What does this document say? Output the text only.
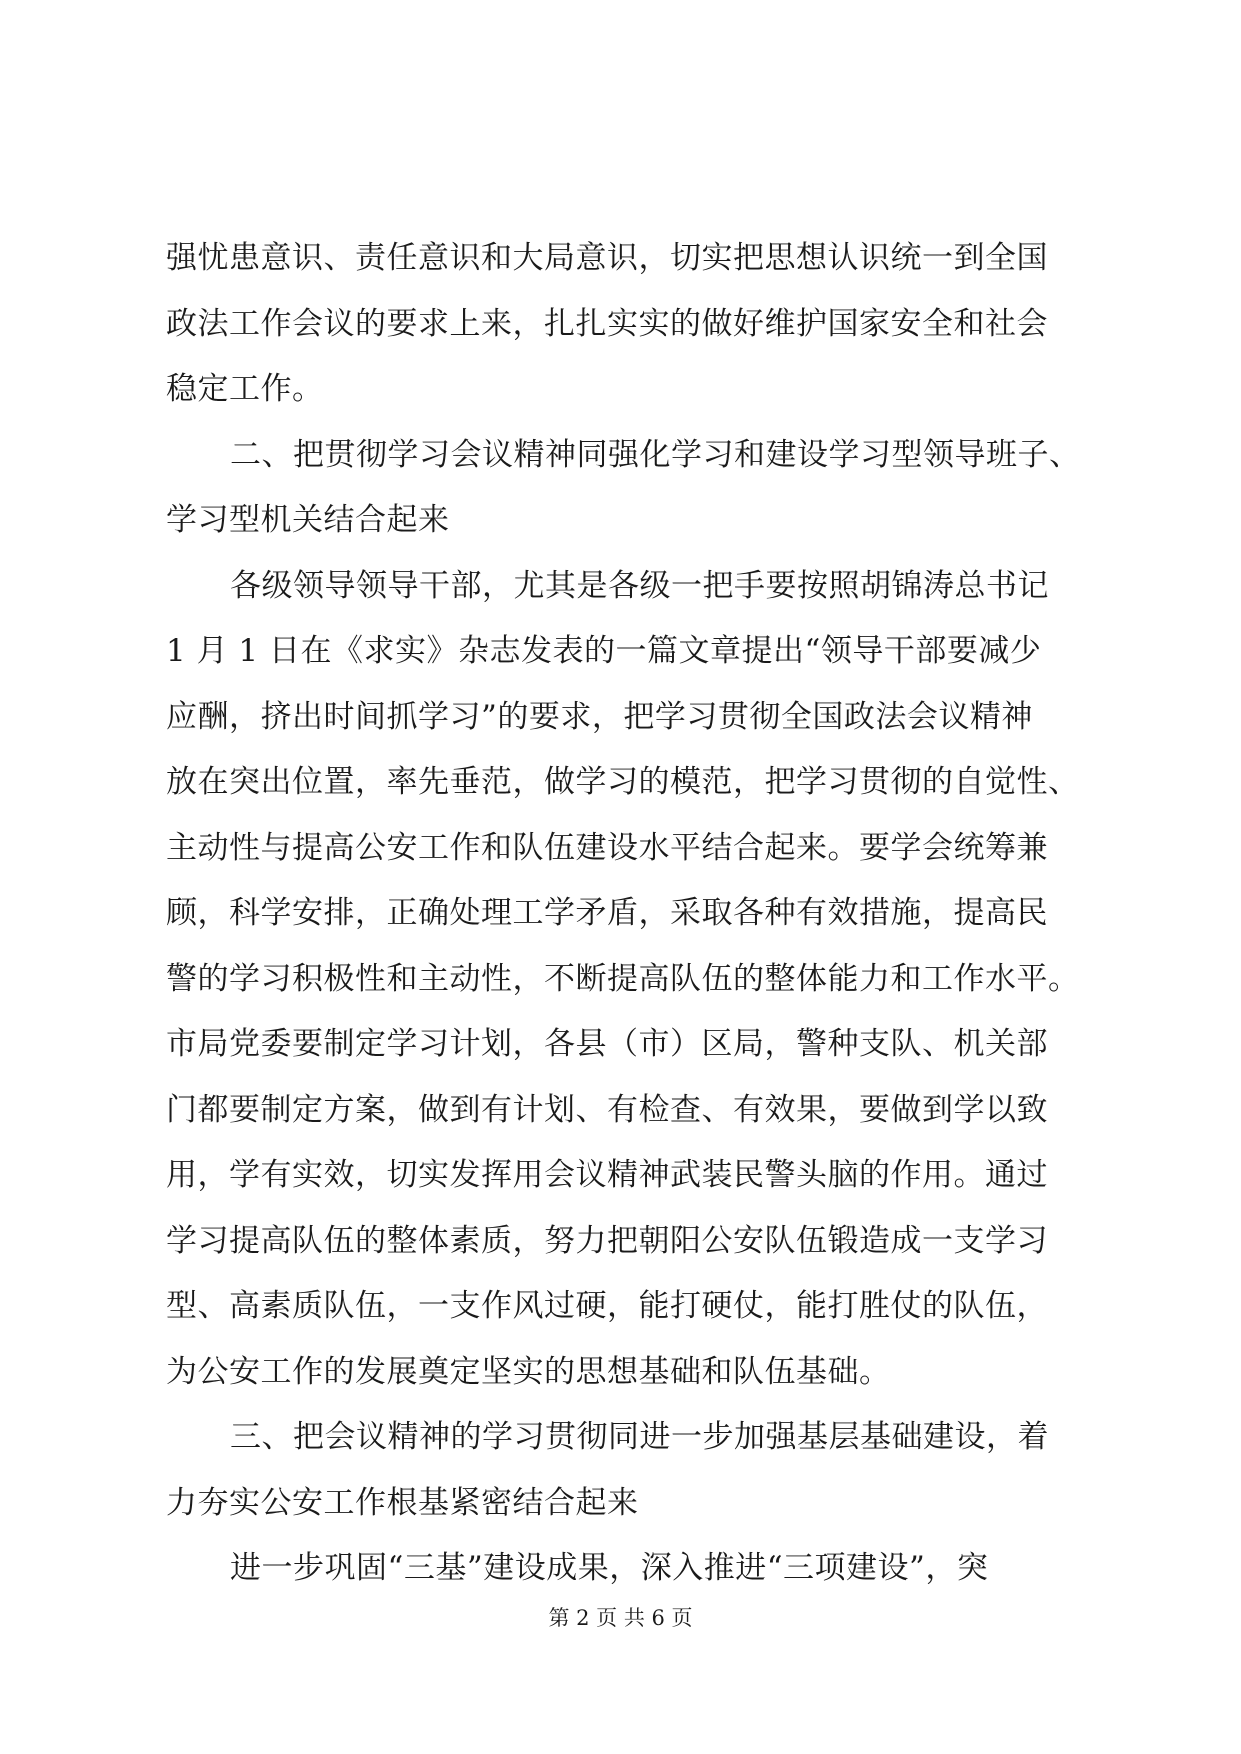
强忧患意识、责任意识和大局意识，切实把思想认识统一到全国
政法工作会议的要求上来，扎扎实实的做好维护国家安全和社会
稳定工作。
二、把贯彻学习会议精神同强化学习和建设学习型领导班子、
学习型机关结合起来
各级领导领导干部，尤其是各级一把手要按照胡锦涛总书记
1 月 1 日在《求实》杂志发表的一篇文章提出“领导干部要减少
应酬，挤出时间抓学习”的要求，把学习贯彻全国政法会议精神
放在突出位置，率先垂范，做学习的模范，把学习贯彻的自觉性、
主动性与提高公安工作和队伍建设水平结合起来。要学会统筹兼
顾，科学安排，正确处理工学矛盾，采取各种有效措施，提高民
警的学习积极性和主动性，不断提高队伍的整体能力和工作水平。
市局党委要制定学习计划，各县（市）区局，警种支队、机关部
门都要制定方案，做到有计划、有检查、有效果，要做到学以致
用，学有实效，切实发挥用会议精神武装民警头脑的作用。通过
学习提高队伍的整体素质，努力把朝阳公安队伍锻造成一支学习
型、高素质队伍，一支作风过硬，能打硬仗，能打胜仗的队伍，
为公安工作的发展奠定坚实的思想基础和队伍基础。
三、把会议精神的学习贯彻同进一步加强基层基础建设，着
力夯实公安工作根基紧密结合起来
进一步巩固“三基”建设成果，深入推进“三项建设”，突
第 2 页 共 6 页
